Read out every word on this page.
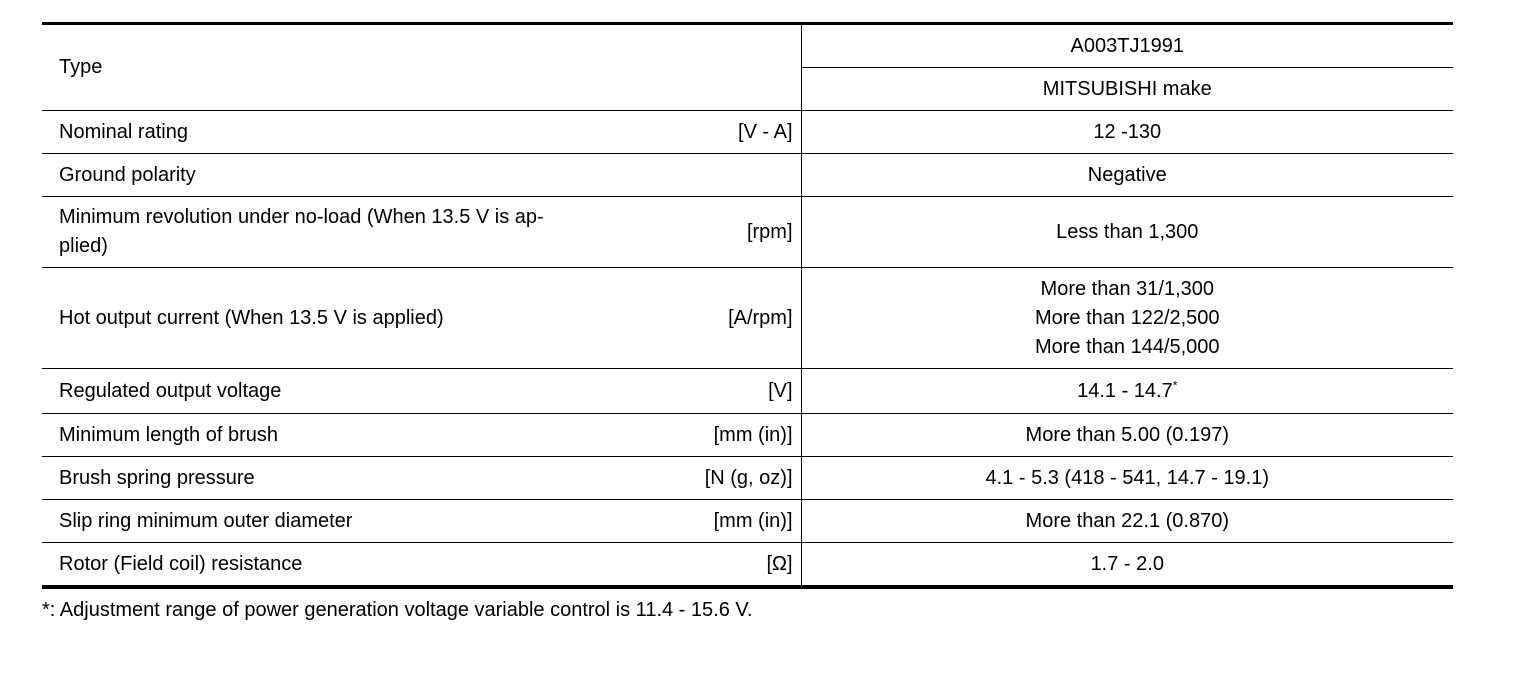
Type		A003TJ1991
		MITSUBISHI make
Nominal rating	[V - A]	12 -130
Ground polarity		Negative

Minimum revolution under no-load (When 13.5 V is ap-
plied)	[rpm]	Less than 1,300
Hot output current (When 13.5 V is applied)	[A/rpm]	More than 31/1,300
More than 122/2,500
More than 144/5,000

Regulated output voltage	[V]	14.1 - 14.7*
Minimum length of brush	[mm (in)]	More than 5.00 (0.197)
Brush spring pressure	[N (g, oz)]	4.1 - 5.3 (418 - 541, 14.7 - 19.1)
Slip ring minimum outer diameter	[mm (in)]	More than 22.1 (0.870)
Rotor (Field coil) resistance	[Ω]	1.7 - 2.0
*: Adjustment range of power generation voltage variable control is 11.4 - 15.6 V.
